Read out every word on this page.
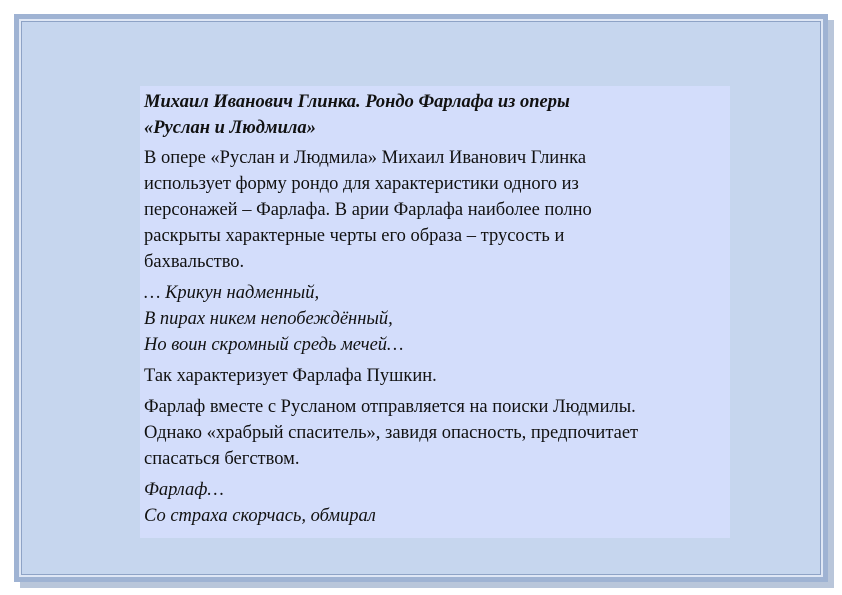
Михаил Иванович Глинка. Рондо Фарлафа из оперы
«Руслан и Людмила»
В опере «Руслан и Людмила» Михаил Иванович Глинка
использует форму рондо для характеристики одного из
персонажей – Фарлафа. В арии Фарлафа наиболее полно
раскрыты характерные черты его образа – трусость и
бахвальство.
… Крикун надменный,
В пирах никем непобеждённый,
Но воин скромный средь мечей…
Так характеризует Фарлафа Пушкин.
Фарлаф вместе с Русланом отправляется на поиски Людмилы.
Однако «храбрый спаситель», завидя опасность, предпочитает
спасаться бегством.
Фарлаф…
Со страха скорчась, обмирал
